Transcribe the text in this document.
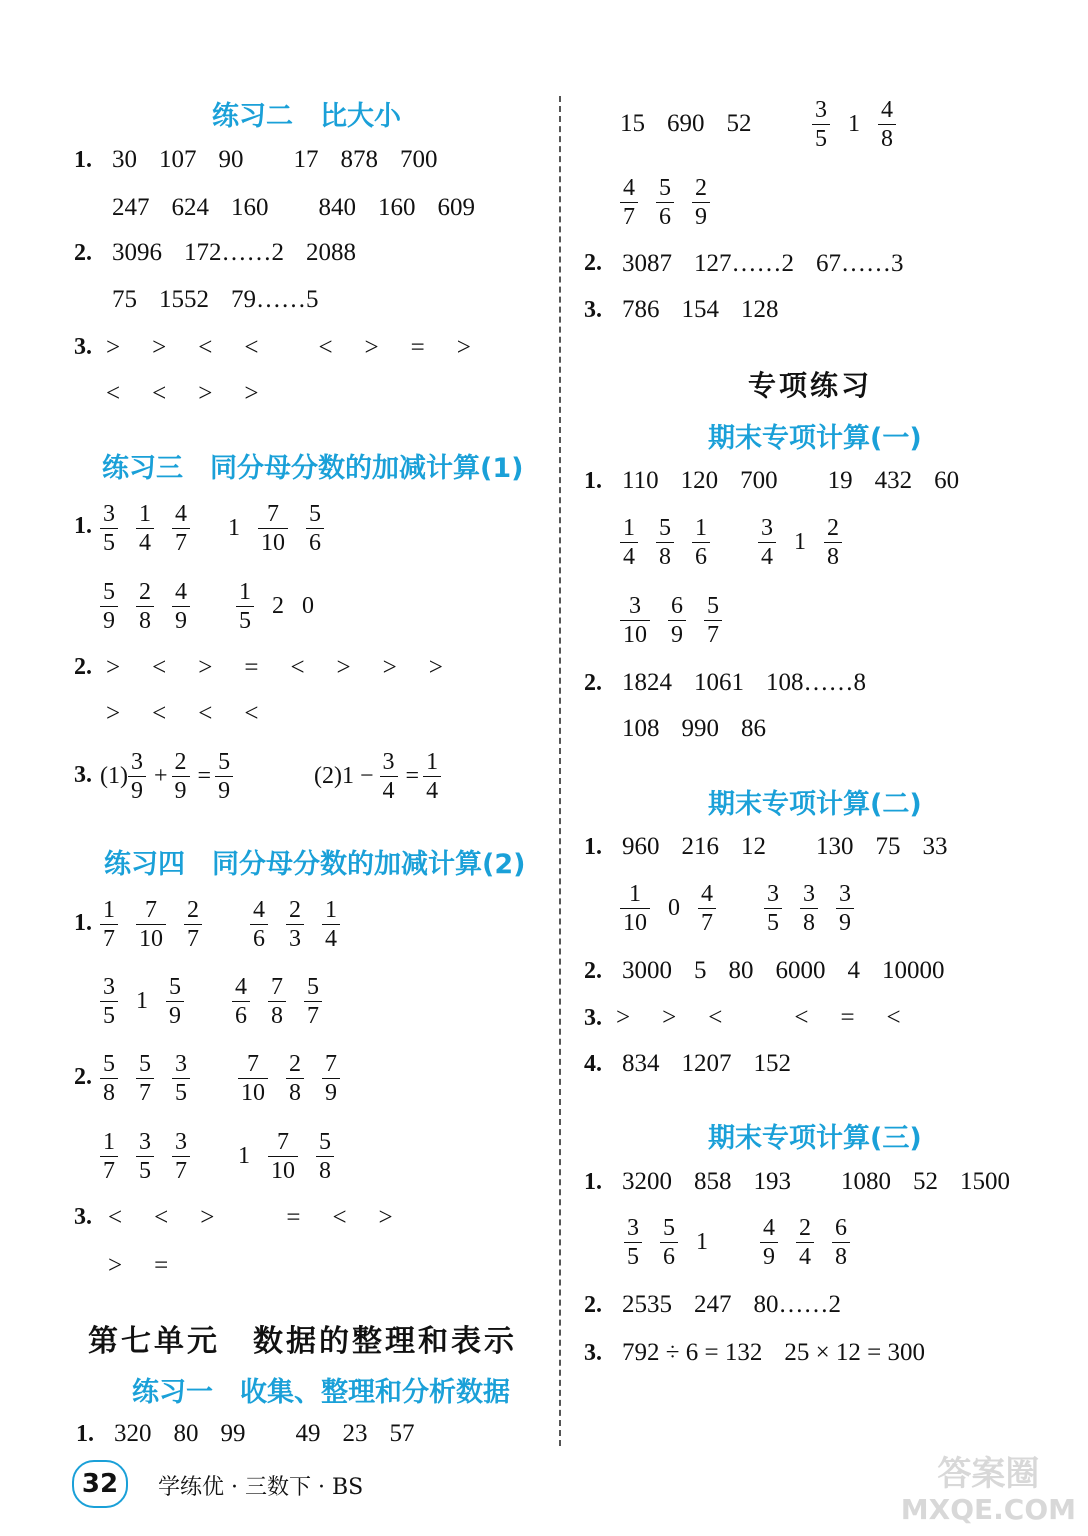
练习二　比大小
1. 30 107 90 17 878 700
247 624 160 840 160 609
2. 3096 172……2 2088
75 1552 79……5
3. > > < < < > = >
< < > >
练习三　同分母分数的加减计算(1)
1. $\frac{3}{5} \frac{1}{4} \frac{4}{7} 1 \frac{7}{10} \frac{5}{6}$
$\frac{5}{9} \frac{2}{8} \frac{4}{9} \frac{1}{5} 2$ 0
2. > < > = < > > >
> < < <
3. $(1) \frac{3}{9} + \frac{2}{9} = \frac{5}{9}$	$(2)1 - \frac{3}{4} = \frac{1}{4}$
练习四　同分母分数的加减计算(2)
1. $\frac{1}{7} \frac{7}{10} \frac{2}{7} \frac{4}{6} \frac{2}{3} \frac{1}{4}$
$\frac{3}{5} 1 \frac{5}{9} \frac{4}{6} \frac{7}{8} \frac{5}{7}$
2. $\frac{5}{8} \frac{5}{7} \frac{3}{5} \frac{7}{10} \frac{2}{8} \frac{7}{9}$
$\frac{1}{7} \frac{3}{5} \frac{3}{7} 1 \frac{7}{10} \frac{5}{8}$
3. < < >	= < >
> =
第七单元　数据的整理和表示
练习一　收集、整理和分析数据
1. 320 80 99 49 23 57
15 690 52	$\frac{3}{5} 1 \frac{4}{8}$
$\frac{4}{7} \frac{5}{6} \frac{2}{9}$
2. 3087 127……2 67……3
3. 786 154 128
专项练习
期末专项计算(一)
1. 110 120 700 19 432 60
$\frac{1}{4} \frac{5}{8} \frac{1}{6} \frac{3}{4} 1 \frac{2}{8}$
$\frac{3}{10} \frac{6}{9} \frac{5}{7}$
2. 1824 1061 108……8
108 990 86
期末专项计算(二)
1. 960 216 12 130 75 33
$\frac{1}{10} 0 \frac{4}{7} \frac{3}{5} \frac{3}{8} \frac{3}{9}$
2. 3000 5 80 6000 4 10000
3. > > <	< = <
4. 834 1207 152
期末专项计算(三)
1. 3200 858 193 1080 52 1500
$\frac{3}{5} \frac{5}{6} 1 \frac{4}{9} \frac{2}{4} \frac{6}{8}$
2. 2535 247 80……2
3. 792 ÷ 6 = 132 25 × 12 = 300
32	学练优 · 三数下 · BS	答案圈
MXQE.COM
